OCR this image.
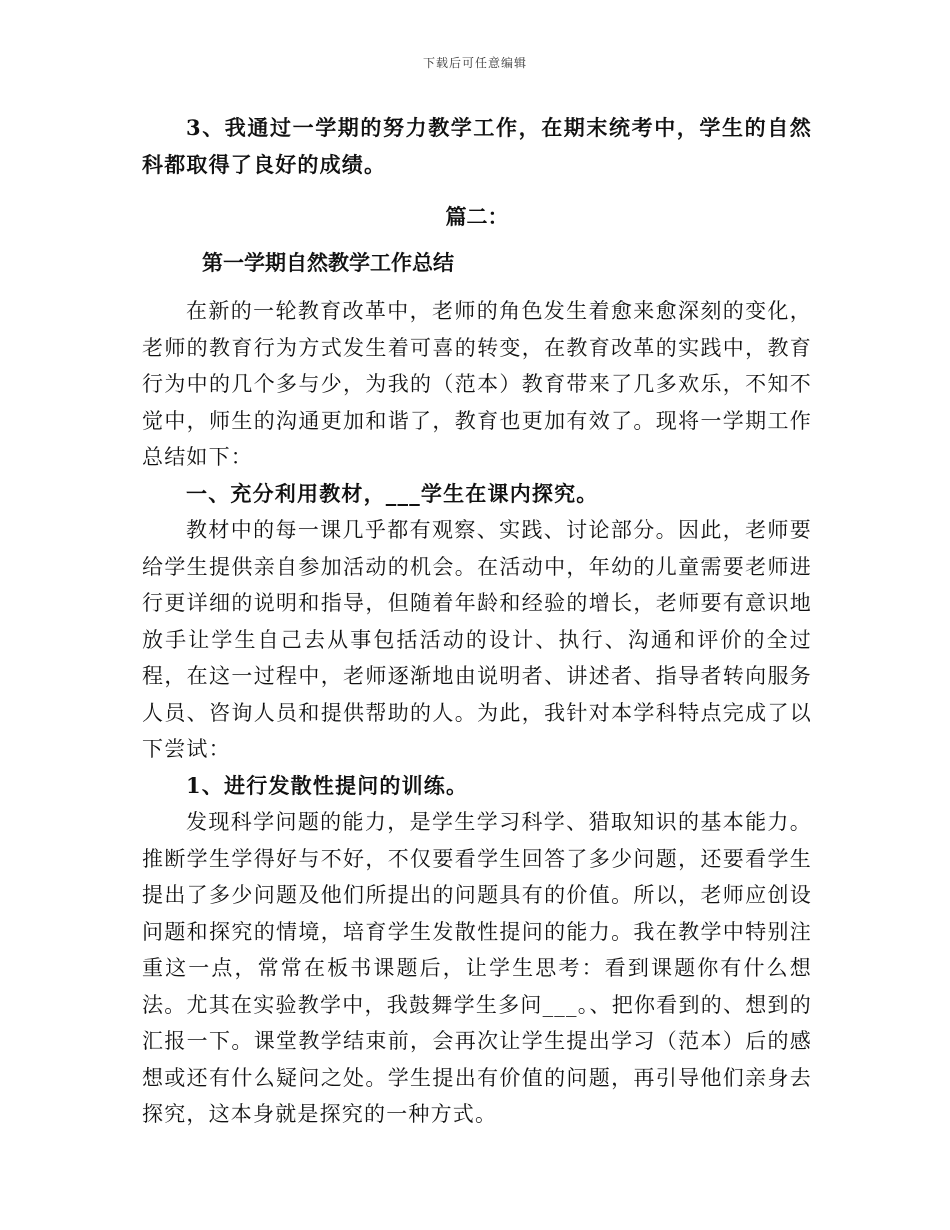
下载后可任意编辑

3、我通过一学期的努力教学工作，在期末统考中，学生的自然科都取得了良好的成绩。

篇二：
第一学期自然教学工作总结

在新的一轮教育改革中，老师的角色发生着愈来愈深刻的变化，老师的教育行为方式发生着可喜的转变，在教育改革的实践中，教育行为中的几个多与少，为我的（范本）教育带来了几多欢乐，不知不觉中，师生的沟通更加和谐了，教育也更加有效了。现将一学期工作总结如下：

一、充分利用教材，___学生在课内探究。

教材中的每一课几乎都有观察、实践、讨论部分。因此，老师要给学生提供亲自参加活动的机会。在活动中，年幼的儿童需要老师进行更详细的说明和指导，但随着年龄和经验的增长，老师要有意识地放手让学生自己去从事包括活动的设计、执行、沟通和评价的全过程，在这一过程中，老师逐渐地由说明者、讲述者、指导者转向服务人员、咨询人员和提供帮助的人。为此，我针对本学科特点完成了以下尝试：

1、进行发散性提问的训练。

发现科学问题的能力，是学生学习科学、猎取知识的基本能力。推断学生学得好与不好，不仅要看学生回答了多少问题，还要看学生提出了多少问题及他们所提出的问题具有的价值。所以，老师应创设问题和探究的情境，培育学生发散性提问的能力。我在教学中特别注重这一点，常常在板书课题后，让学生思考：看到课题你有什么想法。尤其在实验教学中，我鼓舞学生多问___。、把你看到的、想到的汇报一下。课堂教学结束前，会再次让学生提出学习（范本）后的感想或还有什么疑问之处。学生提出有价值的问题，再引导他们亲身去探究，这本身就是探究的一种方式。
